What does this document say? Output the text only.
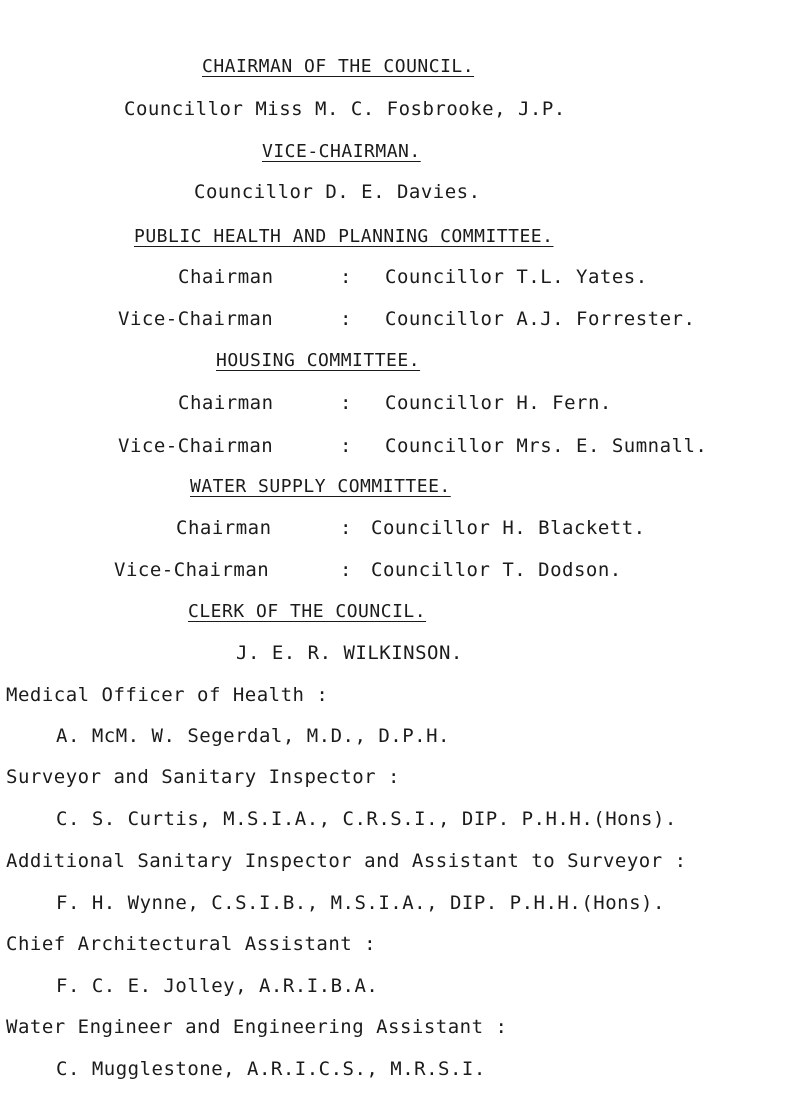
CHAIRMAN OF THE COUNCIL.
Councillor Miss M. C. Fosbrooke, J.P.
VICE-CHAIRMAN.
Councillor D. E. Davies.
PUBLIC HEALTH AND PLANNING COMMITTEE.
Chairman	: Councillor T.L. Yates.
Vice-Chairman	: Councillor A.J. Forrester.
HOUSING COMMITTEE.
Chairman	: Councillor H. Fern.
Vice-Chairman	: Councillor Mrs. E. Sumnall.
WATER SUPPLY COMMITTEE.
Chairman	: Councillor H. Blackett.
Vice-Chairman	: Councillor T. Dodson.
CLERK OF THE COUNCIL.
J. E. R. WILKINSON.
Medical Officer of Health :
A. McM. W. Segerdal, M.D., D.P.H.
Surveyor and Sanitary Inspector :
C. S. Curtis, M.S.I.A., C.R.S.I., DIP. P.H.H.(Hons).
Additional Sanitary Inspector and Assistant to Surveyor :
F. H. Wynne, C.S.I.B., M.S.I.A., DIP. P.H.H.(Hons).
Chief Architectural Assistant :
F. C. E. Jolley, A.R.I.B.A.
Water Engineer and Engineering Assistant :
C. Mugglestone, A.R.I.C.S., M.R.S.I.
